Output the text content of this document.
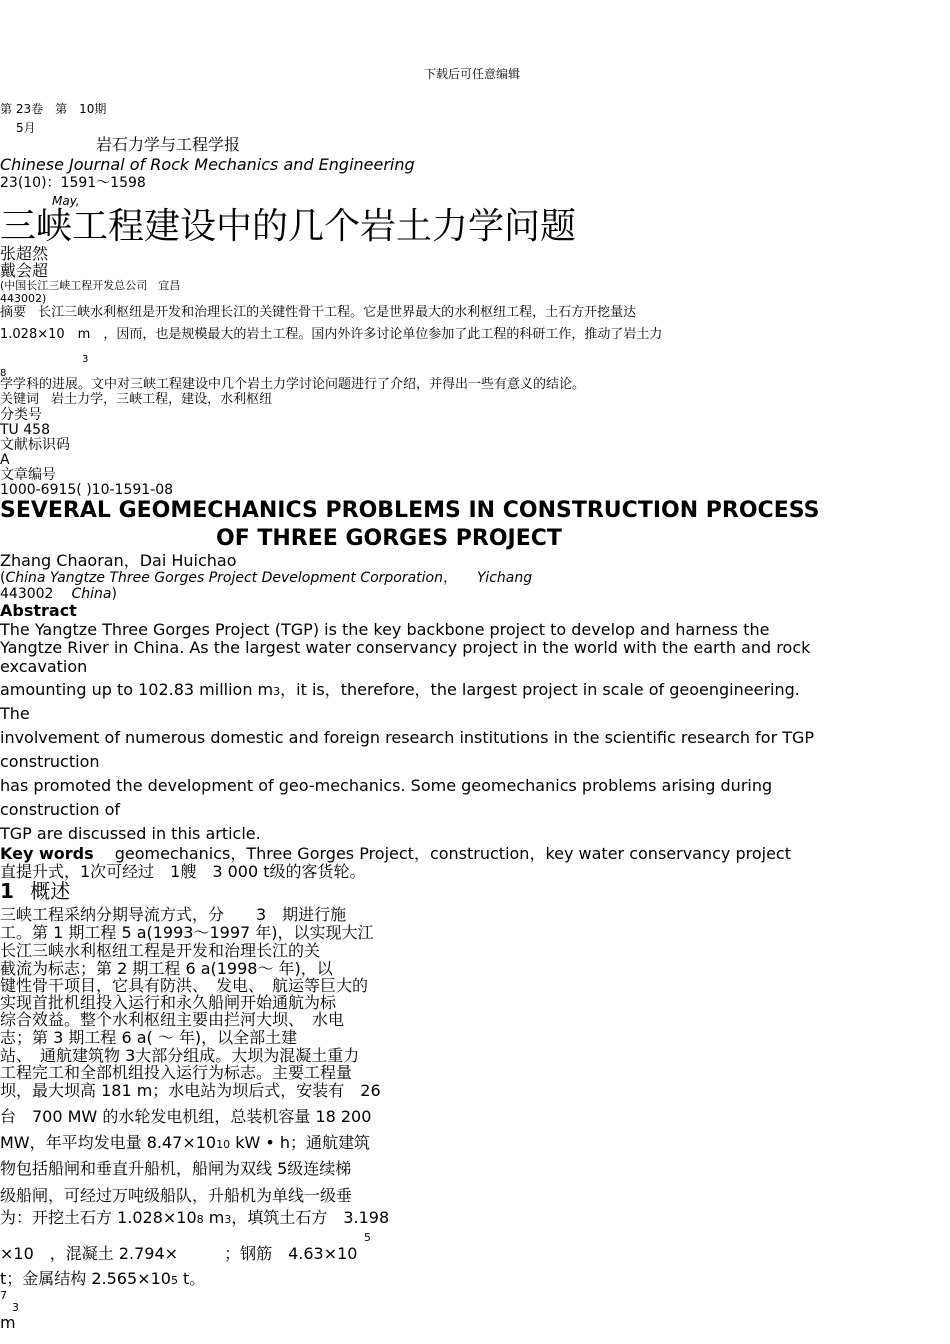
下载后可任意编辑
第 23卷　第　10期
5月
岩石力学与工程学报
Chinese Journal of Rock Mechanics and Engineering
23(10)：1591～1598
May,
三峡工程建设中的几个岩土力学问题
张超然
戴会超
(中国长江三峡工程开发总公司　宜昌
443002)
摘要 长江三峡水利枢纽是开发和治理长江的关键性骨干工程。它是世界最大的水利枢纽工程，土石方开挖量达
1.028×10　m　，因而，也是规模最大的岩土工程。国内外许多讨论单位参加了此工程的科研工作，推动了岩土力
3
8
学学科的进展。文中对三峡工程建设中几个岩土力学讨论问题进行了介绍，并得出一些有意义的结论。
关键词 岩土力学，三峡工程，建设，水利枢纽
分类号
TU 458
文献标识码
A
文章编号
1000-6915( )10-1591-08
SEVERAL GEOMECHANICS PROBLEMS IN CONSTRUCTION PROCESS
OF THREE GORGES PROJECT
Zhang Chaoran，Dai Huichao
(China Yangtze Three Gorges Project Development Corporation， Yichang
443002 China)
Abstract
The Yangtze Three Gorges Project (TGP) is the key backbone project to develop and harness the
Yangtze River in China. As the largest water conservancy project in the world with the earth and rock
excavation
amounting up to 102.83 million m3，it is，therefore，the largest project in scale of geoengineering.
The
involvement of numerous domestic and foreign research institutions in the scientific research for TGP
construction
has promoted the development of geo-mechanics. Some geomechanics problems arising during
construction of
TGP are discussed in this article.
Key words geomechanics，Three Gorges Project，construction，key water conservancy project
直提升式，1次可经过　1艘　3 000 t级的客货轮。
1 概述
三峡工程采纳分期导流方式，分　　3　期进行施
工。第 1 期工程 5 a(1993～1997 年)，以实现大江
长江三峡水利枢纽工程是开发和治理长江的关
截流为标志；第 2 期工程 6 a(1998～ 年)，以
键性骨干项目，它具有防洪、　发电、　航运等巨大的
实现首批机组投入运行和永久船闸开始通航为标
综合效益。整个水利枢纽主要由拦河大坝、　水电
志；第 3 期工程 6 a( ～ 年)，以全部土建
站、　通航建筑物 3大部分组成。大坝为混凝土重力
工程完工和全部机组投入运行为标志。主要工程量
坝，最大坝高 181 m；水电站为坝后式，安装有　26
台　700 MW 的水轮发电机组，总装机容量 18 200
MW，年平均发电量 8.47×1010 kW • h；通航建筑
物包括船闸和垂直升船机，船闸为双线 5级连续梯
级船闸，可经过万吨级船队，升船机为单线一级垂
为：开挖土石方 1.028×108 m3，填筑土石方　3.198
5
×10　，混凝土 2.794×	；钢筋　4.63×10
t；金属结构 2.565×105 t。
7
3
m
